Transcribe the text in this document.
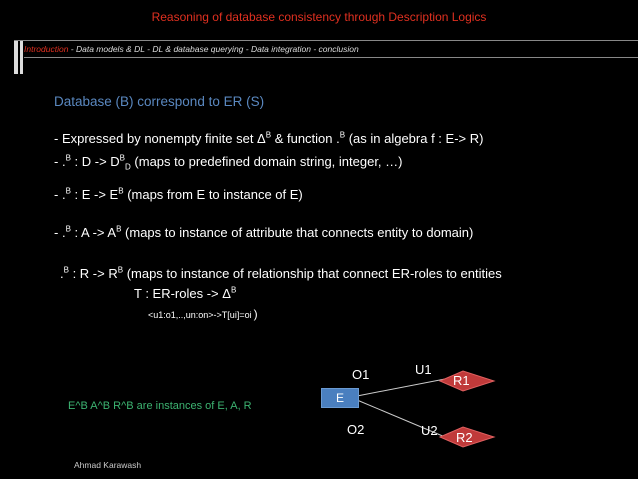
Reasoning of database consistency through Description Logics
Introduction - Data models & DL - DL & database querying - Data integration - conclusion
Database (B) correspond to ER (S)
- Expressed by nonempty finite set $\Delta^B$ & function .$^B$ (as in algebra f : E-> R)
- .$^B$ : $D -> D^B_D$ (maps to predefined domain string, integer, …)
- .$^B$ : $E -> E^B$ (maps from E to instance of E)
- .$^B$ : $A -> A^B$ (maps to instance of attribute that connects entity to domain)
.$^B$ : $R -> R^B$ (maps to instance of relationship that connect ER-roles to entities
T : ER-roles -> $\Delta^B$
<u1:o1,..,un:on>->T[ui]=oi )
E^B A^B R^B are instances of E, A, R
E
R1
R2
O1
O2
U1
U2
Ahmad Karawash
